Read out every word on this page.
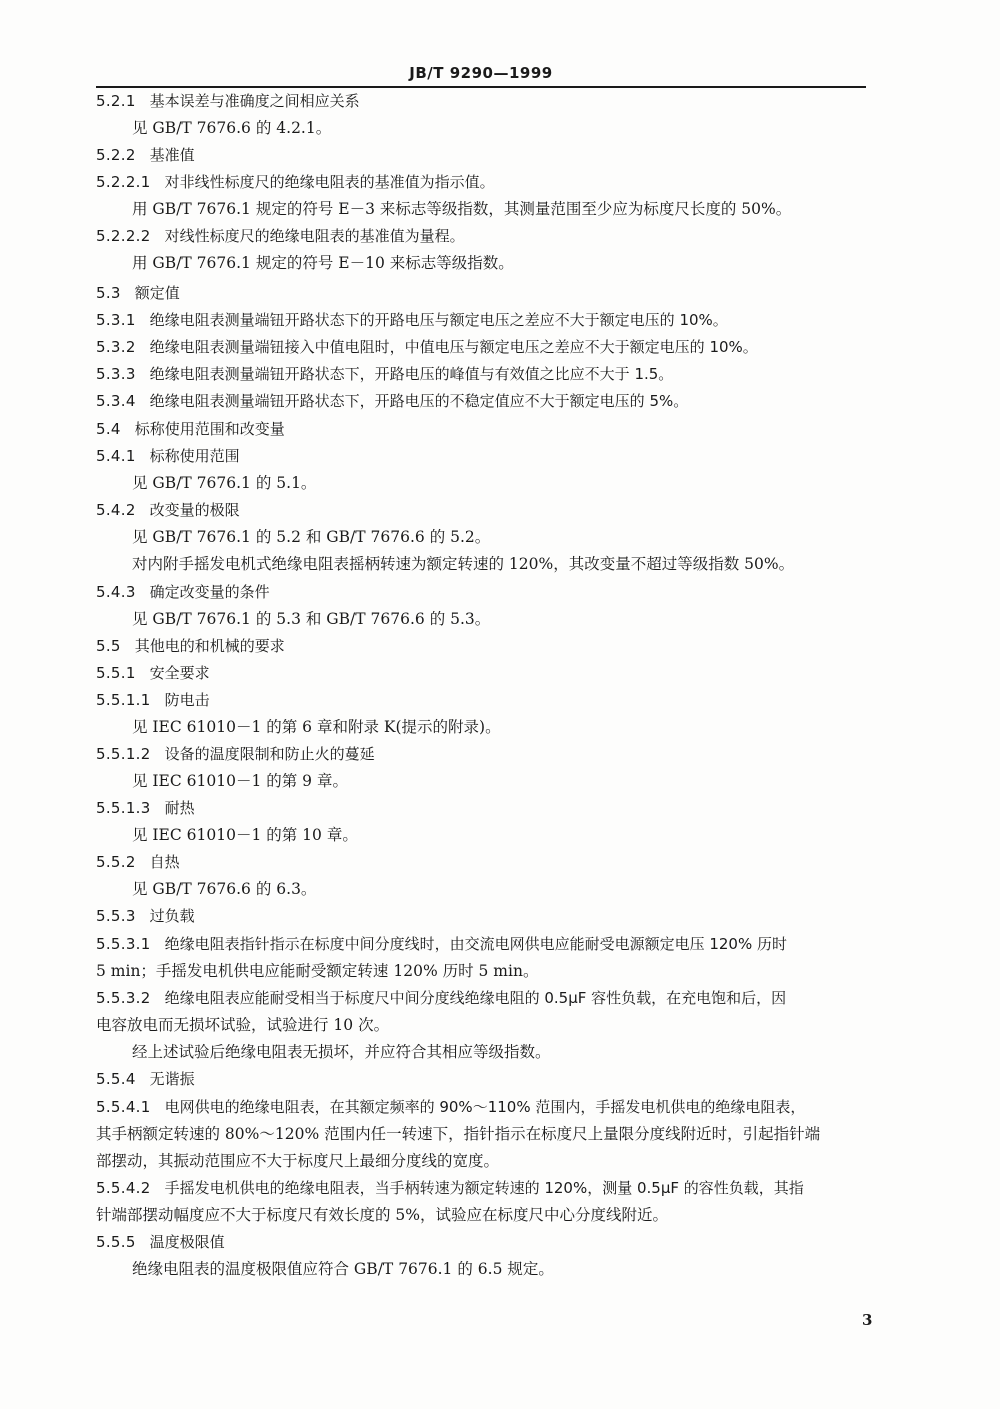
JB/T 9290—1999
5.2.1 基本误差与准确度之间相应关系
见 GB/T 7676.6 的 4.2.1。
5.2.2 基准值
5.2.2.1 对非线性标度尺的绝缘电阻表的基准值为指示值。
用 GB/T 7676.1 规定的符号 E－3 来标志等级指数，其测量范围至少应为标度尺长度的 50%。
5.2.2.2 对线性标度尺的绝缘电阻表的基准值为量程。
用 GB/T 7676.1 规定的符号 E－10 来标志等级指数。
5.3 额定值
5.3.1 绝缘电阻表测量端钮开路状态下的开路电压与额定电压之差应不大于额定电压的 10%。
5.3.2 绝缘电阻表测量端钮接入中值电阻时，中值电压与额定电压之差应不大于额定电压的 10%。
5.3.3 绝缘电阻表测量端钮开路状态下，开路电压的峰值与有效值之比应不大于 1.5。
5.3.4 绝缘电阻表测量端钮开路状态下，开路电压的不稳定值应不大于额定电压的 5%。
5.4 标称使用范围和改变量
5.4.1 标称使用范围
见 GB/T 7676.1 的 5.1。
5.4.2 改变量的极限
见 GB/T 7676.1 的 5.2 和 GB/T 7676.6 的 5.2。
对内附手摇发电机式绝缘电阻表摇柄转速为额定转速的 120%，其改变量不超过等级指数 50%。
5.4.3 确定改变量的条件
见 GB/T 7676.1 的 5.3 和 GB/T 7676.6 的 5.3。
5.5 其他电的和机械的要求
5.5.1 安全要求
5.5.1.1 防电击
见 IEC 61010－1 的第 6 章和附录 K(提示的附录)。
5.5.1.2 设备的温度限制和防止火的蔓延
见 IEC 61010－1 的第 9 章。
5.5.1.3 耐热
见 IEC 61010－1 的第 10 章。
5.5.2 自热
见 GB/T 7676.6 的 6.3。
5.5.3 过负载
5.5.3.1 绝缘电阻表指针指示在标度中间分度线时，由交流电网供电应能耐受电源额定电压 120% 历时
5 min；手摇发电机供电应能耐受额定转速 120% 历时 5 min。
5.5.3.2 绝缘电阻表应能耐受相当于标度尺中间分度线绝缘电阻的 0.5μF 容性负载，在充电饱和后，因
电容放电而无损坏试验，试验进行 10 次。
经上述试验后绝缘电阻表无损坏，并应符合其相应等级指数。
5.5.4 无谐振
5.5.4.1 电网供电的绝缘电阻表，在其额定频率的 90%～110% 范围内，手摇发电机供电的绝缘电阻表，
其手柄额定转速的 80%～120% 范围内任一转速下，指针指示在标度尺上量限分度线附近时，引起指针端
部摆动，其振动范围应不大于标度尺上最细分度线的宽度。
5.5.4.2 手摇发电机供电的绝缘电阻表，当手柄转速为额定转速的 120%，测量 0.5μF 的容性负载，其指
针端部摆动幅度应不大于标度尺有效长度的 5%，试验应在标度尺中心分度线附近。
5.5.5 温度极限值
绝缘电阻表的温度极限值应符合 GB/T 7676.1 的 6.5 规定。
3
